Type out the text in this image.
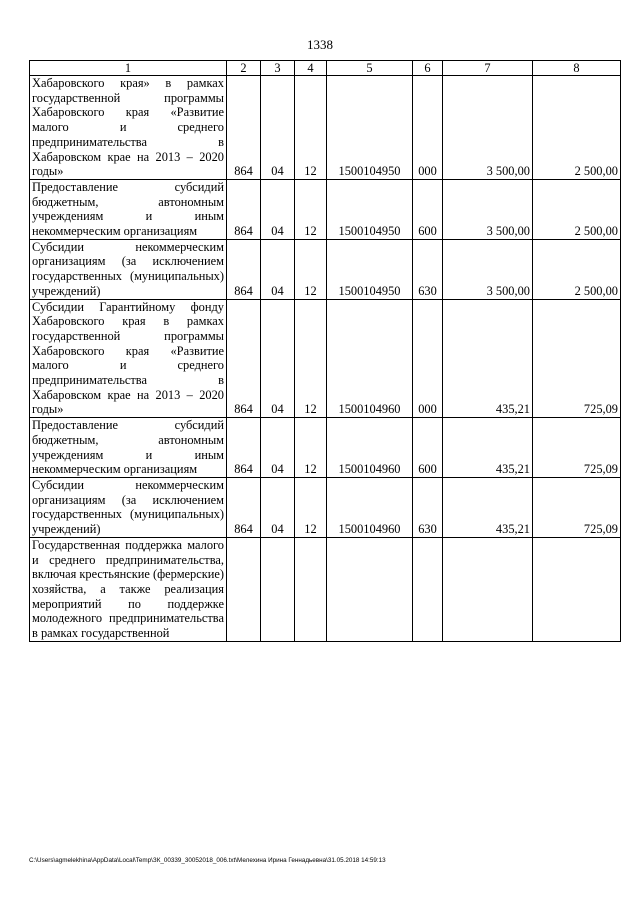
1338
1	2	3	4	5	6	7	8
Хабаровского края» в рамках государственной программы Хабаровского края «Развитие малого и среднего предпринимательства в Хабаровском крае на 2013 – 2020 годы»	864	04	12	1500104950	000	3 500,00	2 500,00
Предоставление субсидий бюджетным, автономным учреждениям и иным некоммерческим организациям	864	04	12	1500104950	600	3 500,00	2 500,00
Субсидии некоммерческим организациям (за исключением государственных (муниципальных) учреждений)	864	04	12	1500104950	630	3 500,00	2 500,00
Субсидии Гарантийному фонду Хабаровского края в рамках государственной программы Хабаровского края «Развитие малого и среднего предпринимательства в Хабаровском крае на 2013 – 2020 годы»	864	04	12	1500104960	000	435,21	725,09
Предоставление субсидий бюджетным, автономным учреждениям и иным некоммерческим организациям	864	04	12	1500104960	600	435,21	725,09
Субсидии некоммерческим организациям (за исключением государственных (муниципальных) учреждений)	864	04	12	1500104960	630	435,21	725,09
Государственная поддержка малого и среднего предпринимательства, включая крестьянские (фермерские) хозяйства, а также реализация мероприятий по поддержке молодежного предпринимательства в рамках государственной							
C:\Users\agmelekhina\AppData\Local\Temp\ЗК_00339_30052018_006.txt\Мелехина Ирина Геннадьевна\31.05.2018 14:59:13
